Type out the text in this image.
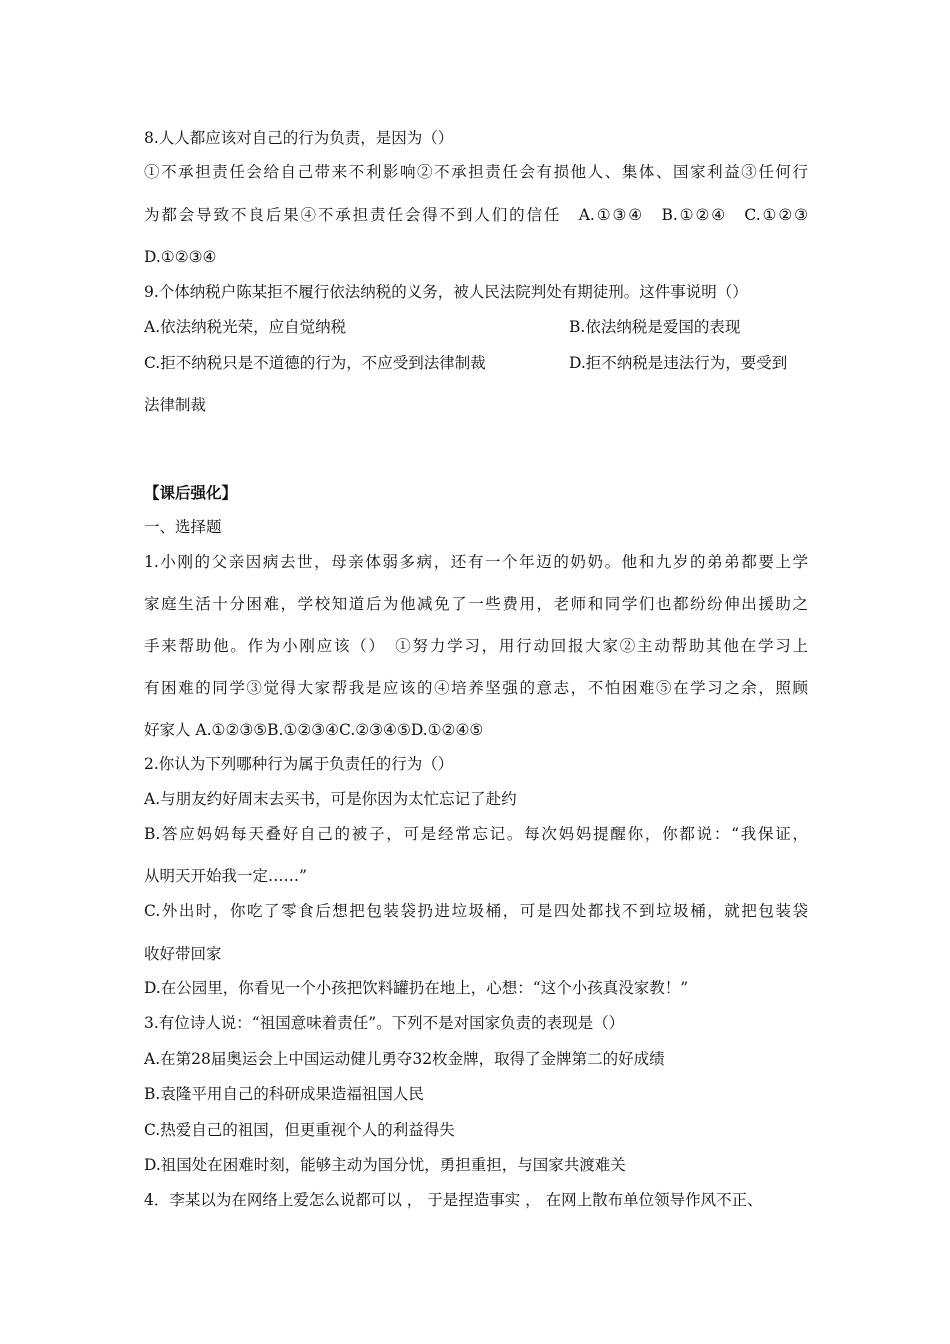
8.人人都应该对自己的行为负责，是因为（）
①不承担责任会给自己带来不利影响②不承担责任会有损他人、集体、国家利益③任何行
为都会导致不良后果④不承担责任会得不到人们的信任　A.①③④　B.①②④　C.①②③
D.①②③④
9.个体纳税户陈某拒不履行依法纳税的义务，被人民法院判处有期徒刑。这件事说明（）
A.依法纳税光荣，应自觉纳税	B.依法纳税是爱国的表现
C.拒不纳税只是不道德的行为，不应受到法律制裁	D.拒不纳税是违法行为，要受到
法律制裁
【课后强化】
一、选择题
1.小刚的父亲因病去世，母亲体弱多病，还有一个年迈的奶奶。他和九岁的弟弟都要上学
家庭生活十分困难，学校知道后为他减免了一些费用，老师和同学们也都纷纷伸出援助之
手来帮助他。作为小刚应该（）　①努力学习，用行动回报大家②主动帮助其他在学习上
有困难的同学③觉得大家帮我是应该的④培养坚强的意志，不怕困难⑤在学习之余，照顾
好家人 A.①②③⑤B.①②③④C.②③④⑤D.①②④⑤
2.你认为下列哪种行为属于负责任的行为（）
A.与朋友约好周末去买书，可是你因为太忙忘记了赴约
B.答应妈妈每天叠好自己的被子，可是经常忘记。每次妈妈提醒你，你都说：“我保证，
从明天开始我一定……”
C.外出时，你吃了零食后想把包装袋扔进垃圾桶，可是四处都找不到垃圾桶，就把包装袋
收好带回家
D.在公园里，你看见一个小孩把饮料罐扔在地上，心想：“这个小孩真没家教！”
3.有位诗人说：“祖国意味着责任”。下列不是对国家负责的表现是（）
A.在第28届奥运会上中国运动健儿勇夺32枚金牌，取得了金牌第二的好成绩
B.袁隆平用自己的科研成果造福祖国人民
C.热爱自己的祖国，但更重视个人的利益得失
D.祖国处在困难时刻，能够主动为国分忧，勇担重担，与国家共渡难关
4．李某以为在网络上爱怎么说都可以 ， 于是捏造事实 ， 在网上散布单位领导作风不正、
